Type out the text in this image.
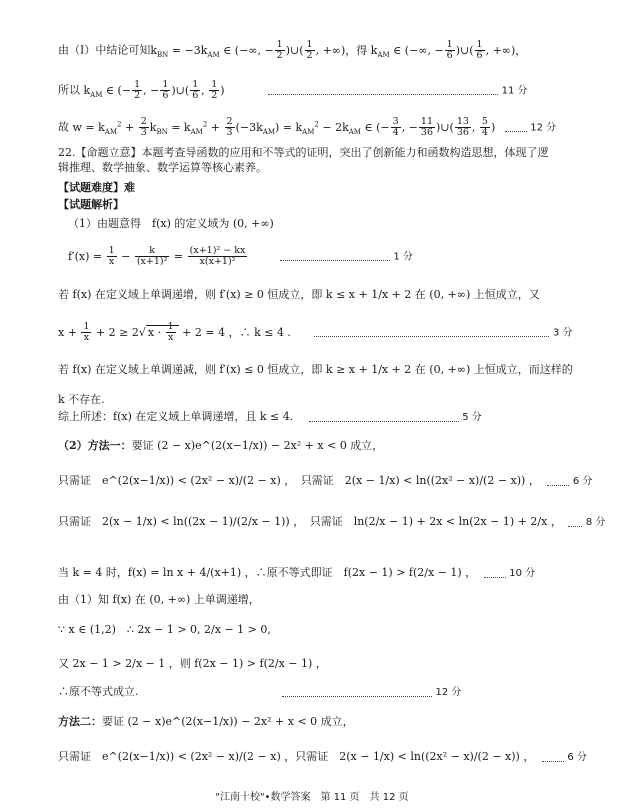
由（Ⅰ）中结论可知$k_{BN} = -3k_{AM}$ ∈ (−∞, − $\frac{1}{2}$ )∪( $\frac{1}{2}$ , +∞)，得 $k_{AM}$ ∈ (−∞, − $\frac{1}{6}$ )∪( $\frac{1}{6}$ , +∞)，
所以 $k_{AM}$ ∈ (− $\frac{1}{2}$ , − $\frac{1}{6}$ )∪( $\frac{1}{6}$ , $\frac{1}{2}$ )	11 分
故 $w = k_{AM}^2 + \frac{2}{3} k_{BN} = k_{AM}^2 + \frac{2}{3} (-3k_{AM}) = k_{AM}^2 - 2k_{AM}$ ∈ (− $\frac{3}{4}$ , − $\frac{11}{36}$ )∪( $\frac{13}{36}$ , $\frac{5}{4}$ )	12 分
22.【命题立意】本题考查导函数的应用和不等式的证明，突出了创新能力和函数构造思想，体现了逻辑推理、数学抽象、数学运算等核心素养。
【试题难度】难
【试题解析】
（1）由题意得　f(x) 的定义域为 (0, +∞)
$f'(x) = \frac{1}{x} - \frac{k}{\text{(x+1)²}} = \frac{\text{(x+1)² − kx}}{\text{x(x+1)²}}$	1 分
若 f(x) 在定义域上单调递增，则 f′(x) ≥ 0 恒成立，即 k ≤ x + 1/x + 2 在 (0, +∞) 上恒成立，又
$x + \frac{1}{x} + 2 \ge 2√$ $x \cdot \frac{1}{x} + 2 = 4$ ，∴ k ≤ 4 .	3 分
若 f(x) 在定义域上单调递减，则 f′(x) ≤ 0 恒成立，即 k ≥ x + 1/x + 2 在 (0, +∞) 上恒成立，而这样的
k 不存在.
综上所述：f(x) 在定义域上单调递增，且 k ≤ 4.	5 分
（2）方法一：要证 (2 − x)e^(2(x−1/x)) − 2x² + x < 0 成立，
只需证　e^(2(x−1/x)) < (2x² − x)/(2 − x) ，　只需证　2(x − 1/x) < ln((2x² − x)/(2 − x)) ，	6 分
只需证　2(x − 1/x) < ln((2x − 1)/(2/x − 1)) ，　只需证　ln(2/x − 1) + 2x < ln(2x − 1) + 2/x ， 8 分
当 k = 4 时，f(x) = ln x + 4/(x+1) ，∴原不等式即证　f(2x − 1) > f(2/x − 1) ，	10 分
由（1）知 f(x) 在 (0, +∞) 上单调递增，
∵ x ∈ (1,2)　∴ 2x − 1 > 0, 2/x − 1 > 0,
又 2x − 1 > 2/x − 1 ，则 f(2x − 1) > f(2/x − 1) ，
∴原不等式成立.	12 分
方法二：要证 (2 − x)e^(2(x−1/x)) − 2x² + x < 0 成立，
只需证　e^(2(x−1/x)) < (2x² − x)/(2 − x) ，只需证　2(x − 1/x) < ln((2x² − x)/(2 − x)) ，	6 分
"江南十校"•数学答案　第 11 页　共 12 页
